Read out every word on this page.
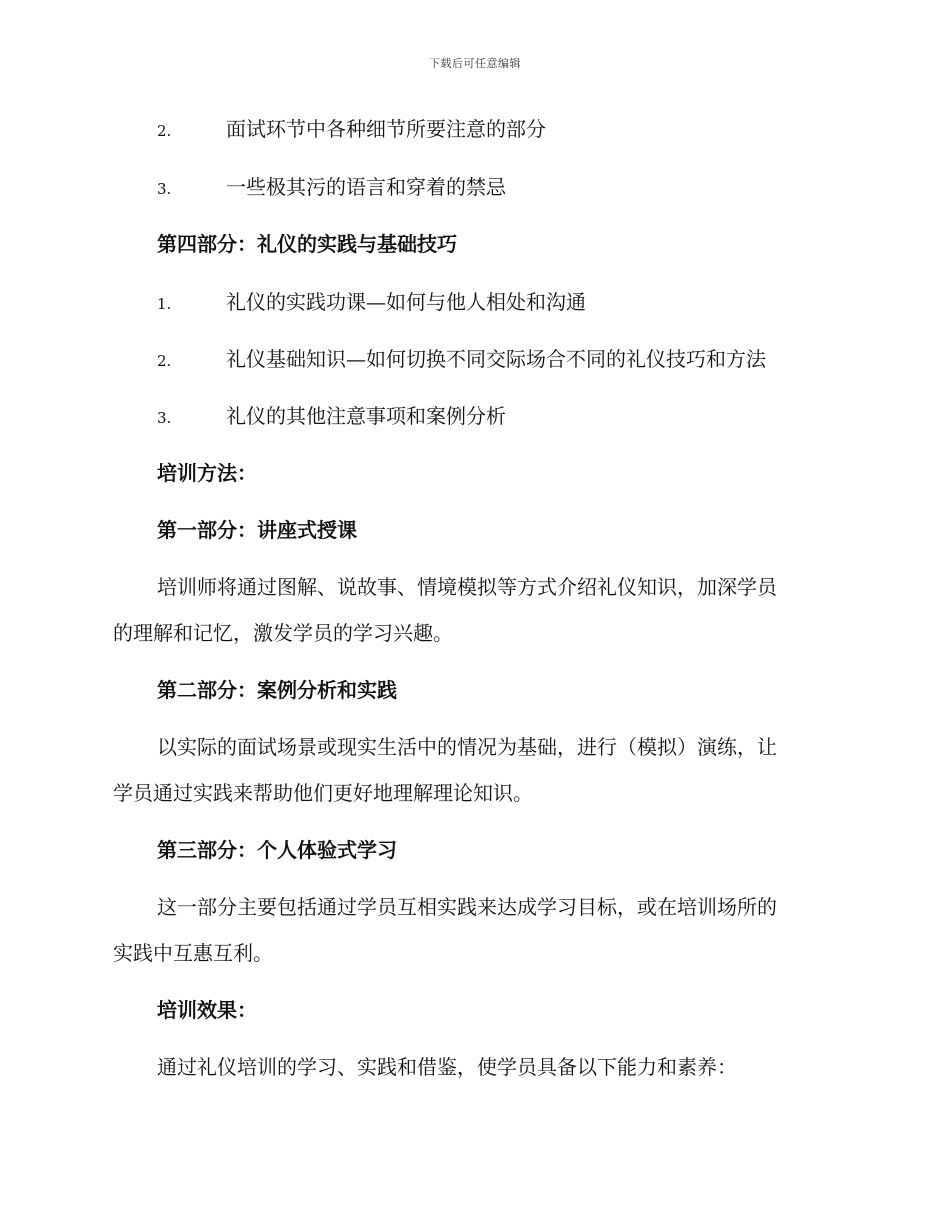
下载后可任意编辑
2.	面试环节中各种细节所要注意的部分
3.	一些极其污的语言和穿着的禁忌
第四部分：礼仪的实践与基础技巧
1.	礼仪的实践功课—如何与他人相处和沟通
2.	礼仪基础知识—如何切换不同交际场合不同的礼仪技巧和方法
3.	礼仪的其他注意事项和案例分析
培训方法：
第一部分：讲座式授课
培训师将通过图解、说故事、情境模拟等方式介绍礼仪知识，加深学员
的理解和记忆，激发学员的学习兴趣。
第二部分：案例分析和实践
以实际的面试场景或现实生活中的情况为基础，进行（模拟）演练，让
学员通过实践来帮助他们更好地理解理论知识。
第三部分：个人体验式学习
这一部分主要包括通过学员互相实践来达成学习目标，或在培训场所的
实践中互惠互利。
培训效果：
通过礼仪培训的学习、实践和借鉴，使学员具备以下能力和素养：
